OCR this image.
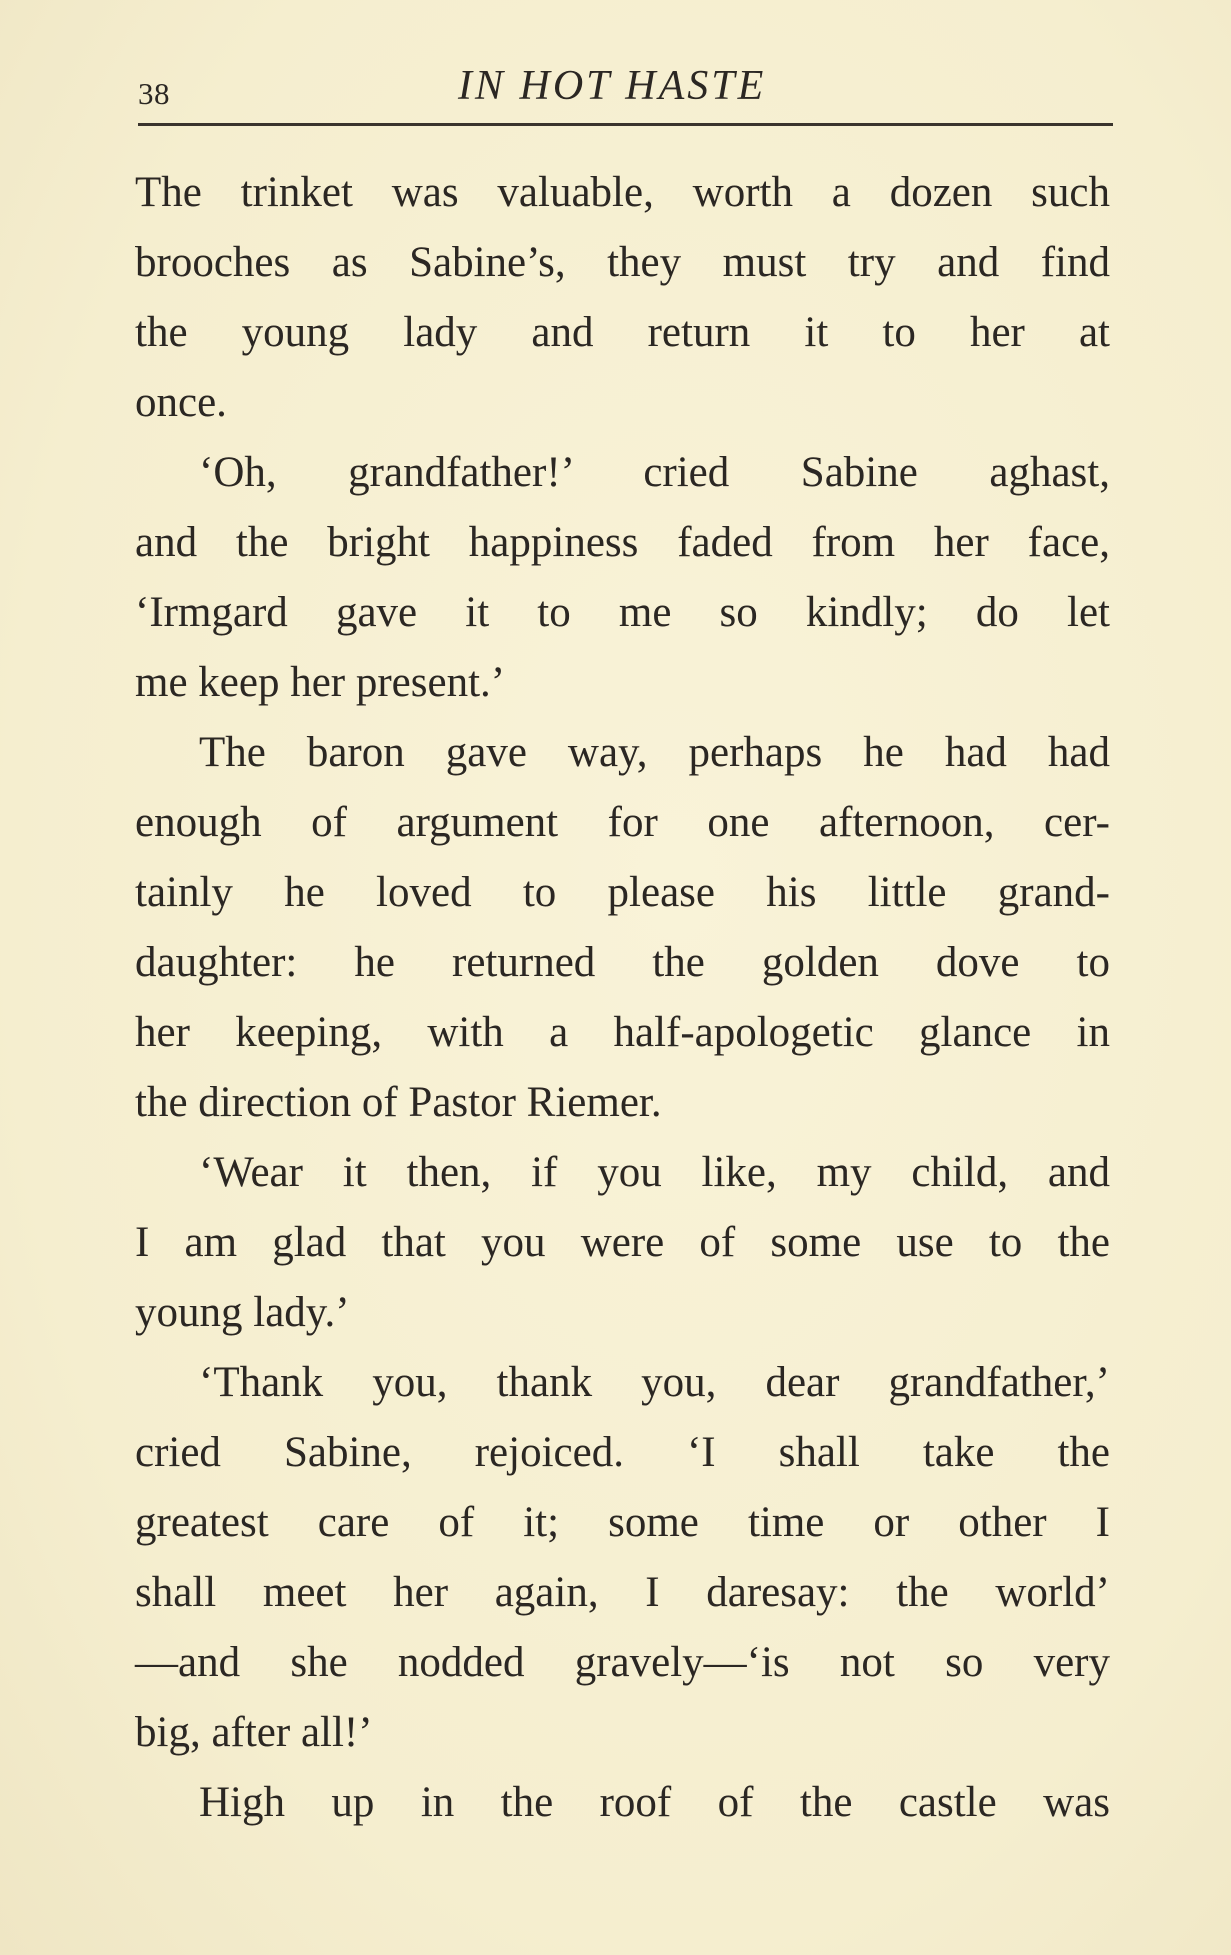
38	IN HOT HASTE
The trinket was valuable, worth a dozen such
brooches as Sabine’s, they must try and find
the young lady and return it to her at
once.
‘Oh, grandfather!’ cried Sabine aghast,
and the bright happiness faded from her face,
‘Irmgard gave it to me so kindly; do let
me keep her present.’
The baron gave way, perhaps he had had
enough of argument for one afternoon, cer-
tainly he loved to please his little grand-
daughter: he returned the golden dove to
her keeping, with a half-apologetic glance in
the direction of Pastor Riemer.
‘Wear it then, if you like, my child, and
I am glad that you were of some use to the
young lady.’
‘Thank you, thank you, dear grandfather,’
cried Sabine, rejoiced. ‘I shall take the
greatest care of it; some time or other I
shall meet her again, I daresay: the world’
—and she nodded gravely—‘is not so very
big, after all!’
High up in the roof of the castle was
